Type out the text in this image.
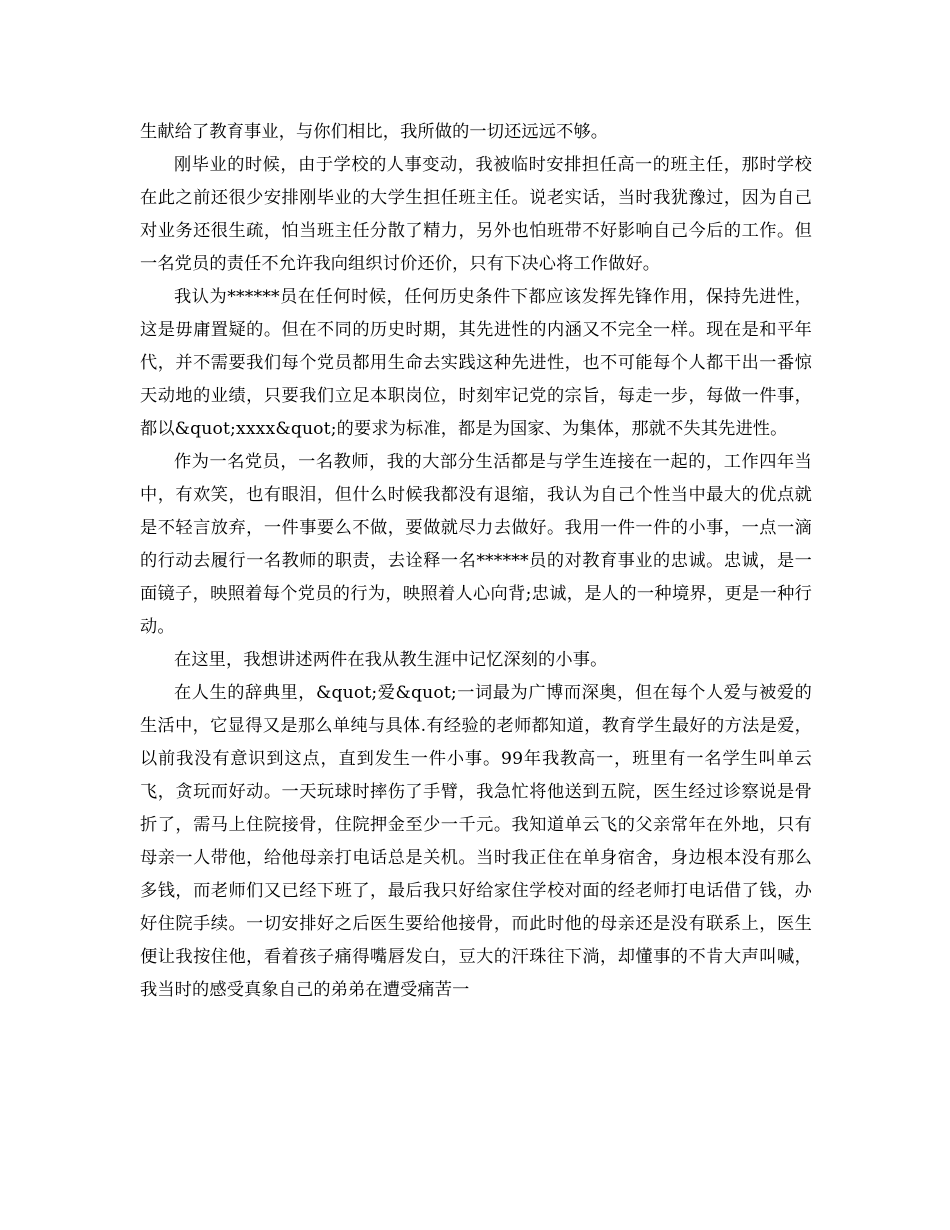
生献给了教育事业，与你们相比，我所做的一切还远远不够。

刚毕业的时候，由于学校的人事变动，我被临时安排担任高一的班主任，那时学校在此之前还很少安排刚毕业的大学生担任班主任。说老实话，当时我犹豫过，因为自己对业务还很生疏，怕当班主任分散了精力，另外也怕班带不好影响自己今后的工作。但一名党员的责任不允许我向组织讨价还价，只有下决心将工作做好。

我认为******员在任何时候，任何历史条件下都应该发挥先锋作用，保持先进性，这是毋庸置疑的。但在不同的历史时期，其先进性的内涵又不完全一样。现在是和平年代，并不需要我们每个党员都用生命去实践这种先进性，也不可能每个人都干出一番惊天动地的业绩，只要我们立足本职岗位，时刻牢记党的宗旨，每走一步，每做一件事，都以&quot;xxxx&quot;的要求为标准，都是为国家、为集体，那就不失其先进性。

作为一名党员，一名教师，我的大部分生活都是与学生连接在一起的，工作四年当中，有欢笑，也有眼泪，但什么时候我都没有退缩，我认为自己个性当中最大的优点就是不轻言放弃，一件事要么不做，要做就尽力去做好。我用一件一件的小事，一点一滴的行动去履行一名教师的职责，去诠释一名******员的对教育事业的忠诚。忠诚，是一面镜子，映照着每个党员的行为，映照着人心向背;忠诚，是人的一种境界，更是一种行动。

在这里，我想讲述两件在我从教生涯中记忆深刻的小事。

在人生的辞典里，&quot;爱&quot;一词最为广博而深奥，但在每个人爱与被爱的生活中，它显得又是那么单纯与具体.有经验的老师都知道，教育学生最好的方法是爱，以前我没有意识到这点，直到发生一件小事。99年我教高一，班里有一名学生叫单云飞，贪玩而好动。一天玩球时摔伤了手臂，我急忙将他送到五院，医生经过诊察说是骨折了，需马上住院接骨，住院押金至少一千元。我知道单云飞的父亲常年在外地，只有母亲一人带他，给他母亲打电话总是关机。当时我正住在单身宿舍，身边根本没有那么多钱，而老师们又已经下班了，最后我只好给家住学校对面的经老师打电话借了钱，办好住院手续。一切安排好之后医生要给他接骨，而此时他的母亲还是没有联系上，医生便让我按住他，看着孩子痛得嘴唇发白，豆大的汗珠往下淌，却懂事的不肯大声叫喊，我当时的感受真象自己的弟弟在遭受痛苦一
